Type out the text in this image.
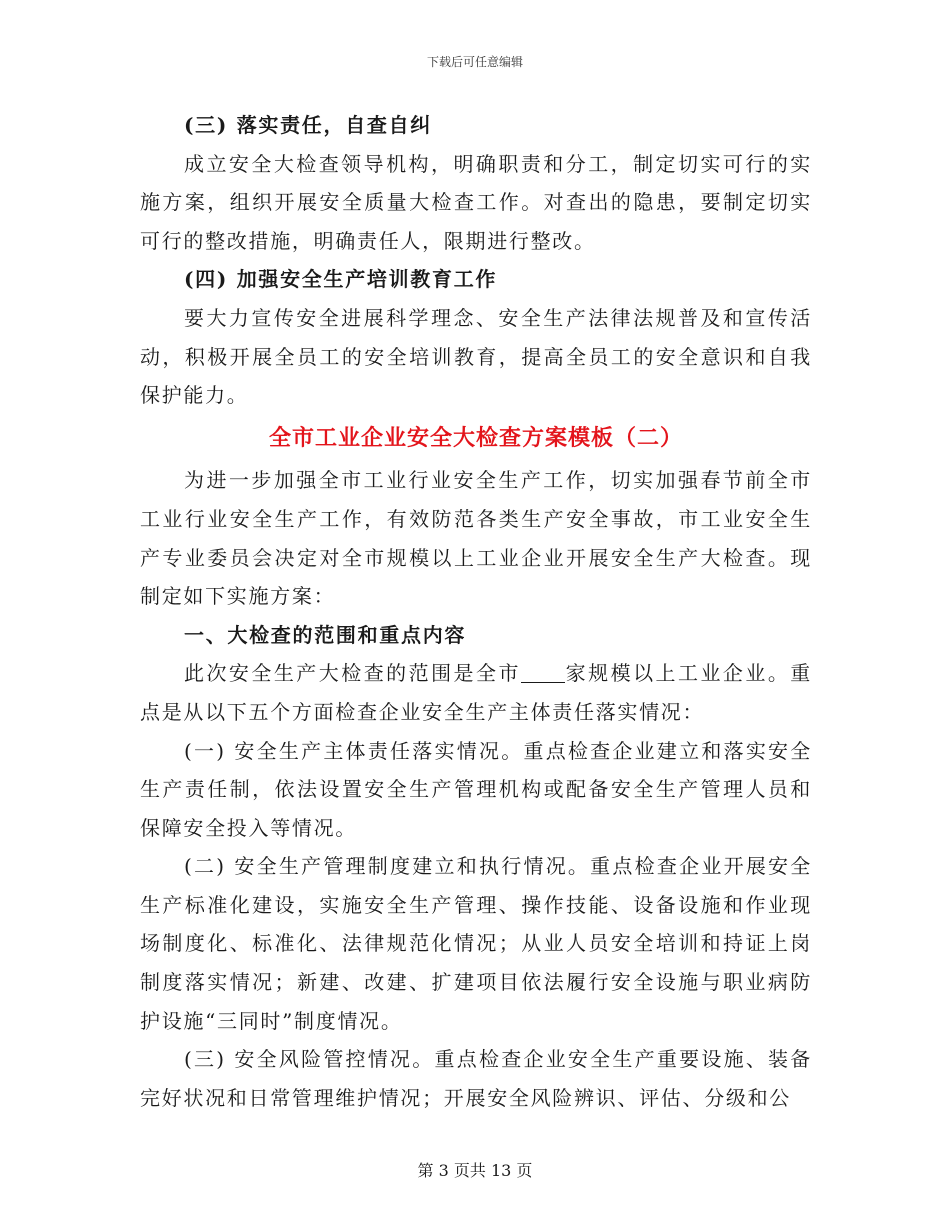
下载后可任意编辑

(三) 落实责任，自查自纠

成立安全大检查领导机构，明确职责和分工，制定切实可行的实施方案，组织开展安全质量大检查工作。对查出的隐患，要制定切实可行的整改措施，明确责任人，限期进行整改。

(四) 加强安全生产培训教育工作

要大力宣传安全进展科学理念、安全生产法律法规普及和宣传活动，积极开展全员工的安全培训教育，提高全员工的安全意识和自我保护能力。

全市工业企业安全大检查方案模板（二）

为进一步加强全市工业行业安全生产工作，切实加强春节前全市工业行业安全生产工作，有效防范各类生产安全事故，市工业安全生产专业委员会决定对全市规模以上工业企业开展安全生产大检查。现制定如下实施方案：

一、大检查的范围和重点内容

此次安全生产大检查的范围是全市 家规模以上工业企业。重点是从以下五个方面检查企业安全生产主体责任落实情况：

(一) 安全生产主体责任落实情况。重点检查企业建立和落实安全生产责任制，依法设置安全生产管理机构或配备安全生产管理人员和保障安全投入等情况。

(二) 安全生产管理制度建立和执行情况。重点检查企业开展安全生产标准化建设，实施安全生产管理、操作技能、设备设施和作业现场制度化、标准化、法律规范化情况；从业人员安全培训和持证上岗制度落实情况；新建、改建、扩建项目依法履行安全设施与职业病防护设施“三同时”制度情况。

(三) 安全风险管控情况。重点检查企业安全生产重要设施、装备完好状况和日常管理维护情况；开展安全风险辨识、评估、分级和公

第 3 页共 13 页
